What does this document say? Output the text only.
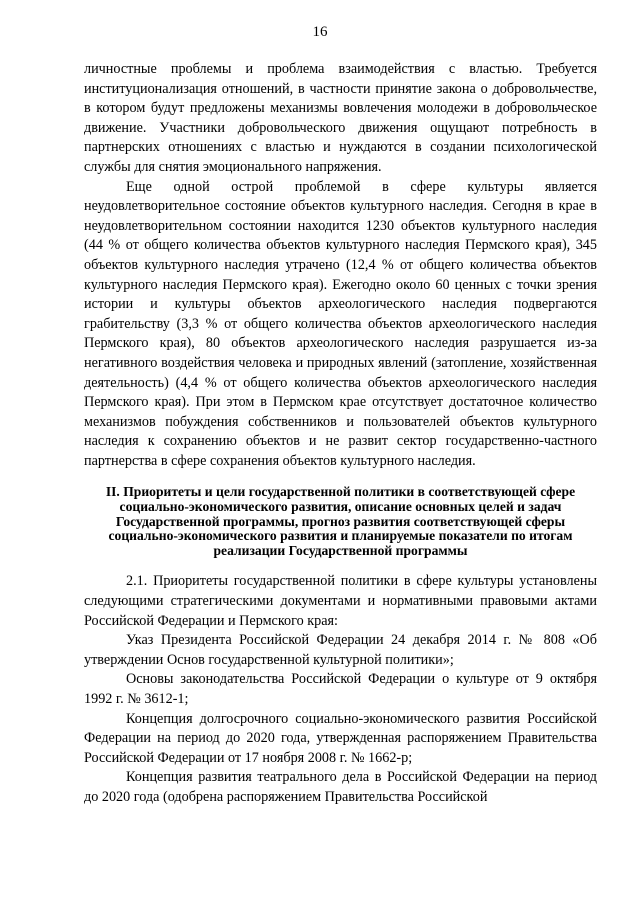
16

личностные проблемы и проблема взаимодействия с властью. Требуется институционализация отношений, в частности принятие закона о добровольчестве, в котором будут предложены механизмы вовлечения молодежи в добровольческое движение. Участники добровольческого движения ощущают потребность в партнерских отношениях с властью и нуждаются в создании психологической службы для снятия эмоционального напряжения.

Еще одной острой проблемой в сфере культуры является неудовлетворительное состояние объектов культурного наследия. Сегодня в крае в неудовлетворительном состоянии находится 1230 объектов культурного наследия (44 % от общего количества объектов культурного наследия Пермского края), 345 объектов культурного наследия утрачено (12,4 % от общего количества объектов культурного наследия Пермского края). Ежегодно около 60 ценных с точки зрения истории и культуры объектов археологического наследия подвергаются грабительству (3,3 % от общего количества объектов археологического наследия Пермского края), 80 объектов археологического наследия разрушается из-за негативного воздействия человека и природных явлений (затопление, хозяйственная деятельность) (4,4 % от общего количества объектов археологического наследия Пермского края). При этом в Пермском крае отсутствует достаточное количество механизмов побуждения собственников и пользователей объектов культурного наследия к сохранению объектов и не развит сектор государственно-частного партнерства в сфере сохранения объектов культурного наследия.

II. Приоритеты и цели государственной политики в соответствующей сфере социально-экономического развития, описание основных целей и задач Государственной программы, прогноз развития соответствующей сферы социально-экономического развития и планируемые показатели по итогам реализации Государственной программы

2.1. Приоритеты государственной политики в сфере культуры установлены следующими стратегическими документами и нормативными правовыми актами Российской Федерации и Пермского края:

Указ Президента Российской Федерации 24 декабря 2014 г. № 808 «Об утверждении Основ государственной культурной политики»;

Основы законодательства Российской Федерации о культуре от 9 октября 1992 г. № 3612-1;

Концепция долгосрочного социально-экономического развития Российской Федерации на период до 2020 года, утвержденная распоряжением Правительства Российской Федерации от 17 ноября 2008 г. № 1662-р;

Концепция развития театрального дела в Российской Федерации на период до 2020 года (одобрена распоряжением Правительства Российской
